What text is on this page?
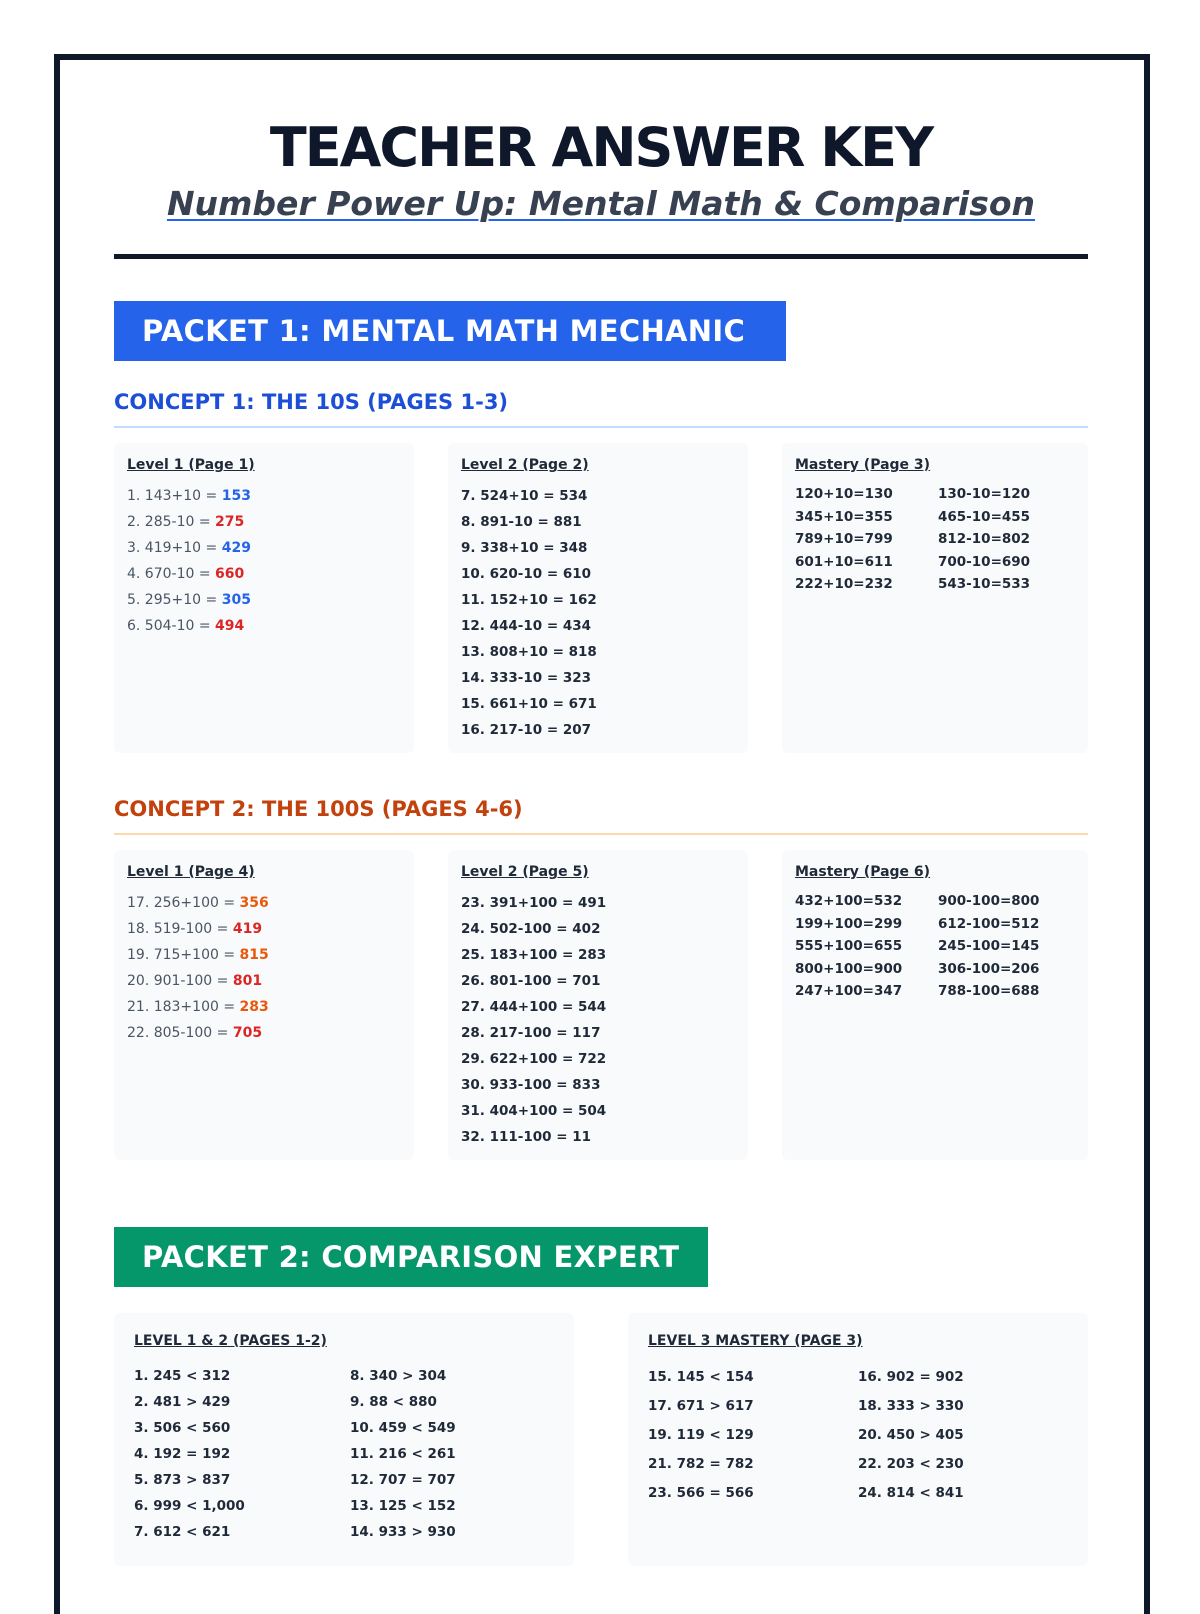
TEACHER ANSWER KEY
Number Power Up: Mental Math & Comparison
PACKET 1: MENTAL MATH MECHANIC
CONCEPT 1: THE 10S (PAGES 1-3)
Level 1 (Page 1)
1. 143+10 = 153
2. 285-10 = 275
3. 419+10 = 429
4. 670-10 = 660
5. 295+10 = 305
6. 504-10 = 494
Level 2 (Page 2)
7. 524+10 = 534
8. 891-10 = 881
9. 338+10 = 348
10. 620-10 = 610
11. 152+10 = 162
12. 444-10 = 434
13. 808+10 = 818
14. 333-10 = 323
15. 661+10 = 671
16. 217-10 = 207
Mastery (Page 3)
120+10=130	130-10=120
345+10=355	465-10=455
789+10=799	812-10=802
601+10=611	700-10=690
222+10=232	543-10=533
CONCEPT 2: THE 100S (PAGES 4-6)
Level 1 (Page 4)
17. 256+100 = 356
18. 519-100 = 419
19. 715+100 = 815
20. 901-100 = 801
21. 183+100 = 283
22. 805-100 = 705
Level 2 (Page 5)
23. 391+100 = 491
24. 502-100 = 402
25. 183+100 = 283
26. 801-100 = 701
27. 444+100 = 544
28. 217-100 = 117
29. 622+100 = 722
30. 933-100 = 833
31. 404+100 = 504
32. 111-100 = 11
Mastery (Page 6)
432+100=532	900-100=800
199+100=299	612-100=512
555+100=655	245-100=145
800+100=900	306-100=206
247+100=347	788-100=688
PACKET 2: COMPARISON EXPERT
LEVEL 1 & 2 (PAGES 1-2)
1. 245 < 312	8. 340 > 304
2. 481 > 429	9. 88 < 880
3. 506 < 560	10. 459 < 549
4. 192 = 192	11. 216 < 261
5. 873 > 837	12. 707 = 707
6. 999 < 1,000	13. 125 < 152
7. 612 < 621	14. 933 > 930
LEVEL 3 MASTERY (PAGE 3)
15. 145 < 154	16. 902 = 902
17. 671 > 617	18. 333 > 330
19. 119 < 129	20. 450 > 405
21. 782 = 782	22. 203 < 230
23. 566 = 566	24. 814 < 841
